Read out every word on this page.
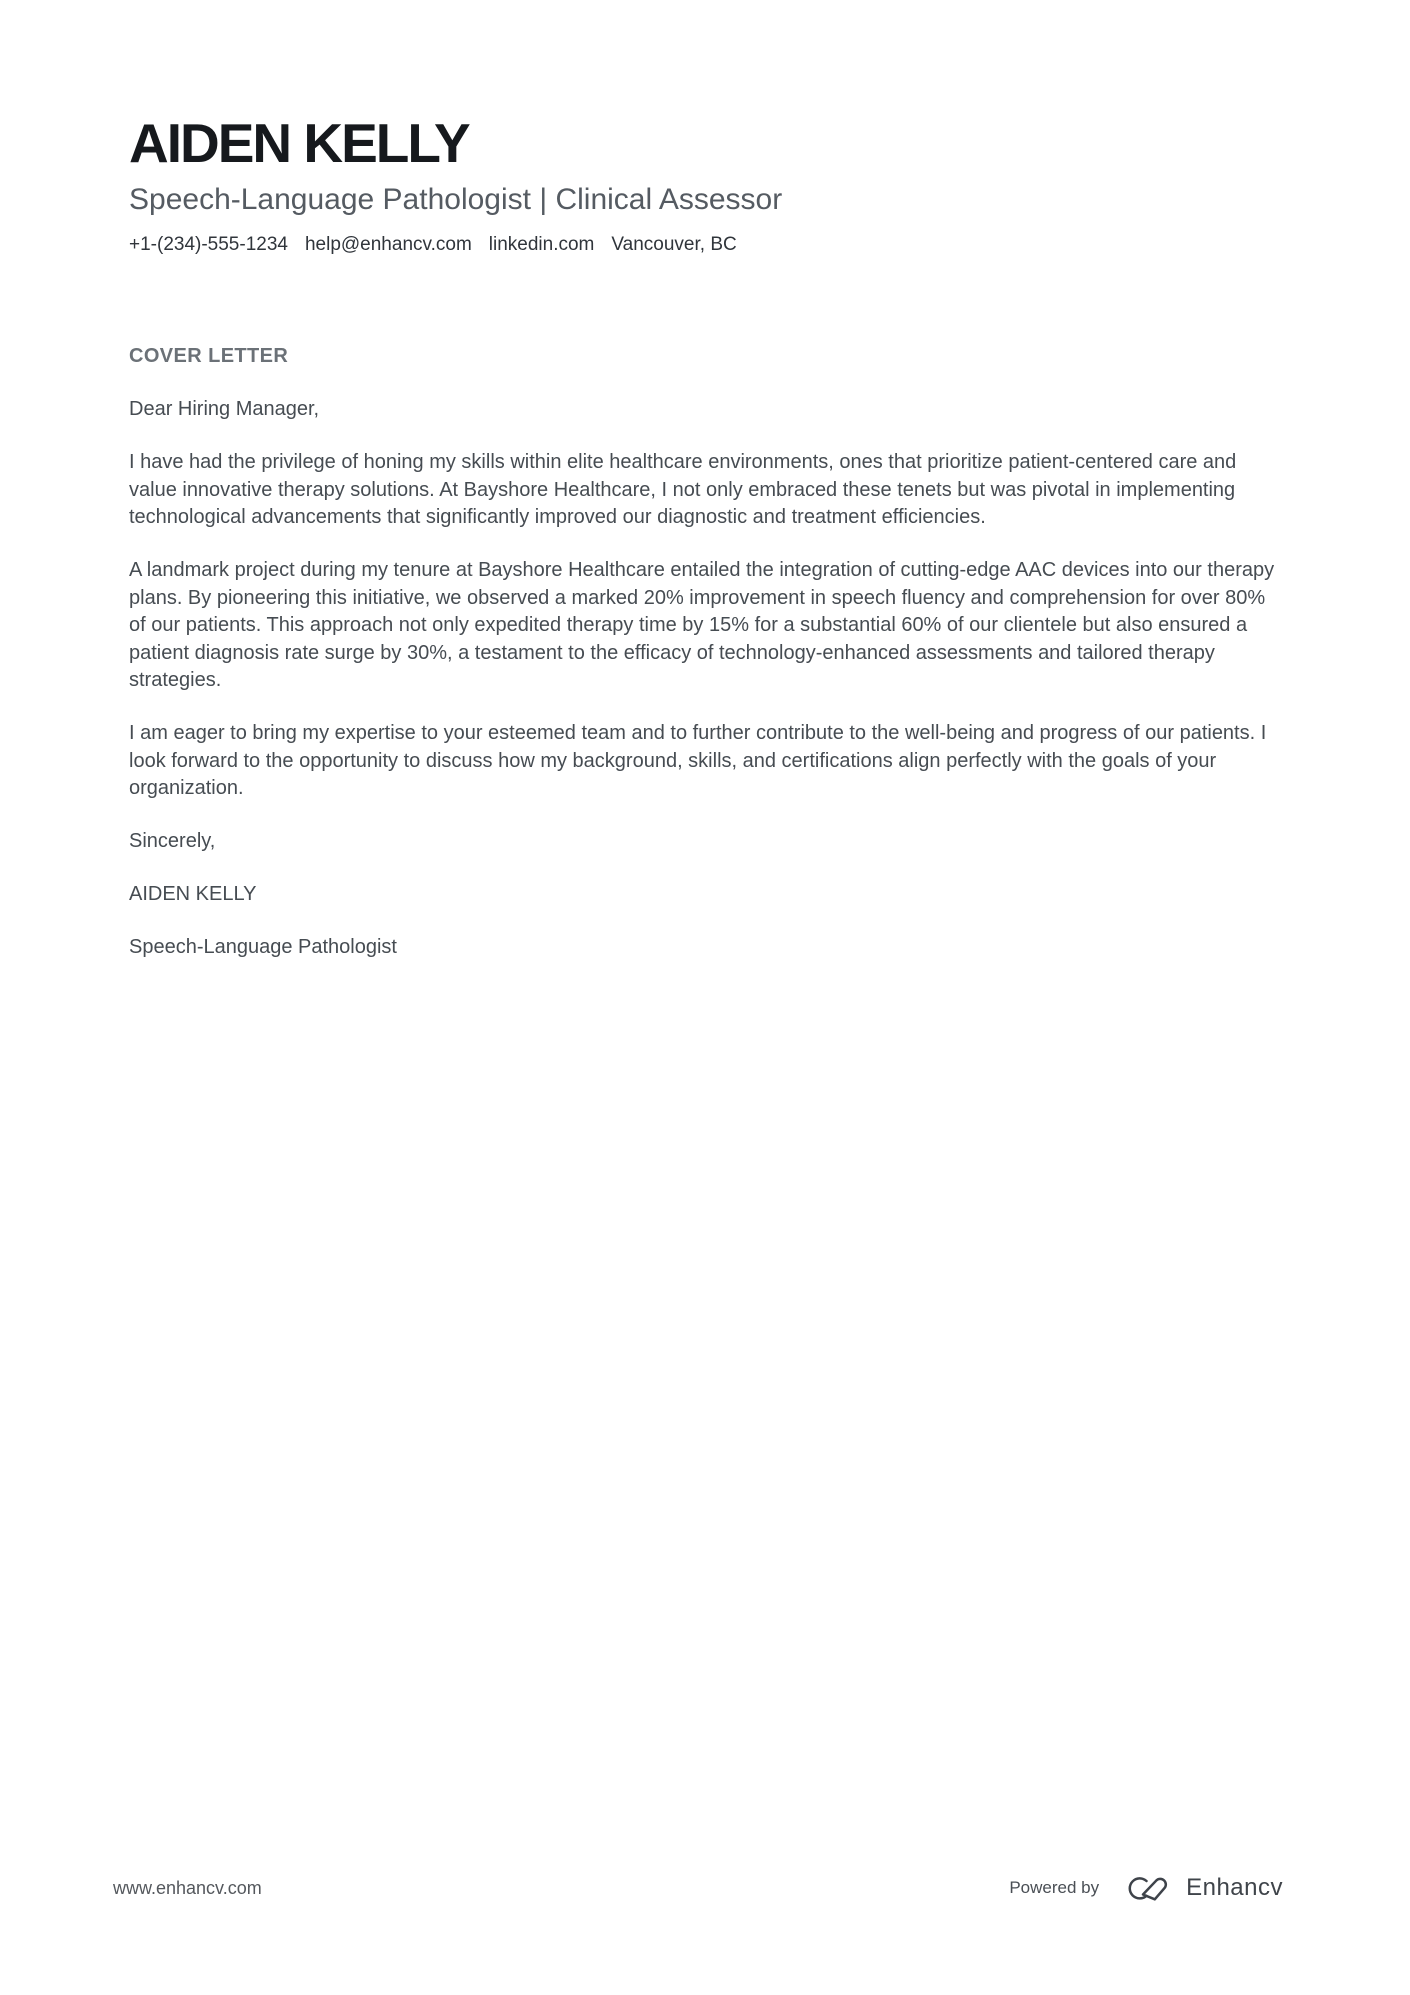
AIDEN KELLY
Speech-Language Pathologist | Clinical Assessor
+1-(234)-555-1234 help@enhancv.com linkedin.com Vancouver, BC
COVER LETTER

Dear Hiring Manager,

I have had the privilege of honing my skills within elite healthcare environments, ones that prioritize patient-centered care and value innovative therapy solutions. At Bayshore Healthcare, I not only embraced these tenets but was pivotal in implementing technological advancements that significantly improved our diagnostic and treatment efficiencies.

A landmark project during my tenure at Bayshore Healthcare entailed the integration of cutting-edge AAC devices into our therapy plans. By pioneering this initiative, we observed a marked 20% improvement in speech fluency and comprehension for over 80% of our patients. This approach not only expedited therapy time by 15% for a substantial 60% of our clientele but also ensured a patient diagnosis rate surge by 30%, a testament to the efficacy of technology-enhanced assessments and tailored therapy strategies.

I am eager to bring my expertise to your esteemed team and to further contribute to the well-being and progress of our patients. I look forward to the opportunity to discuss how my background, skills, and certifications align perfectly with the goals of your organization.

Sincerely,

AIDEN KELLY

Speech-Language Pathologist

www.enhancv.com	Powered by	Enhancv
